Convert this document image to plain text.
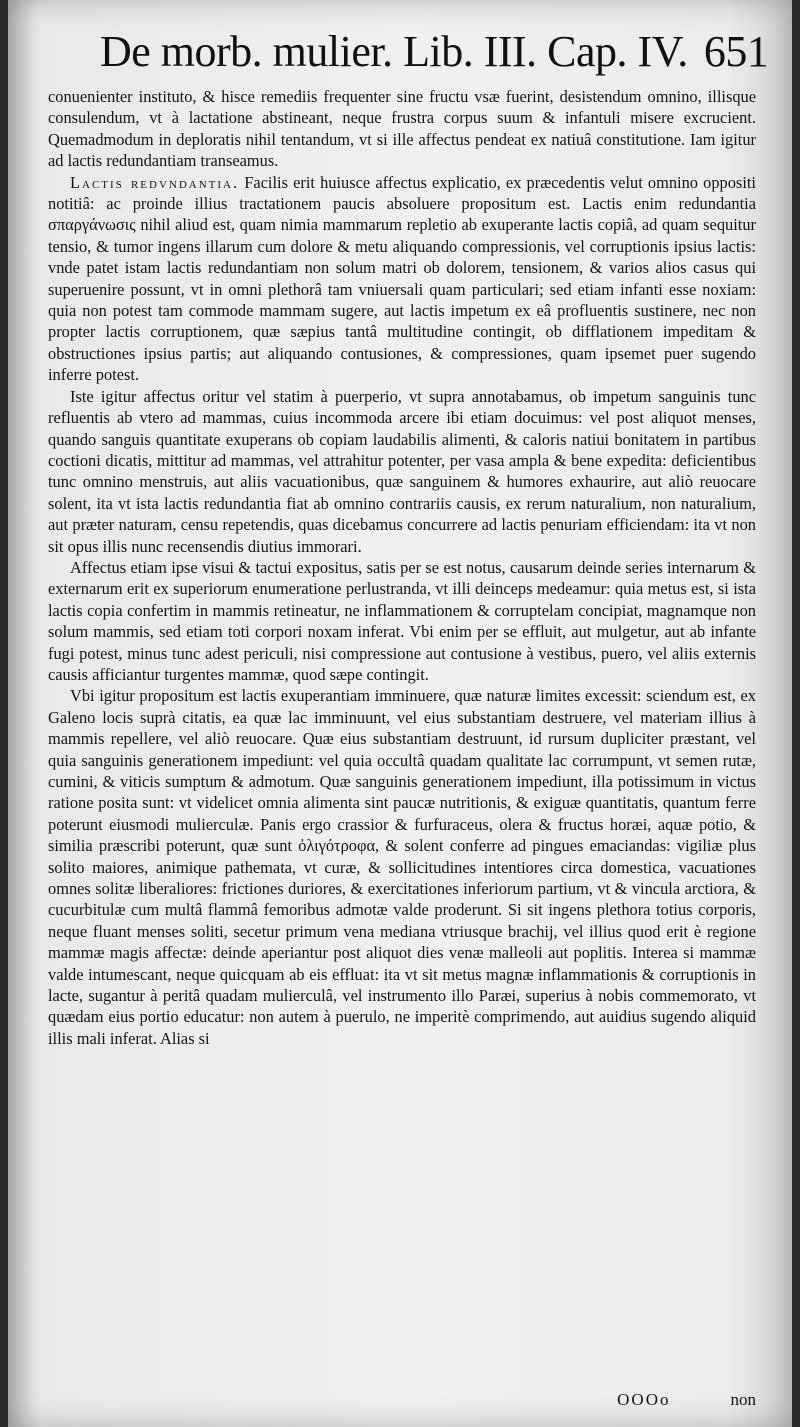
De morb. mulier. Lib. III. Cap. IV. 651

conuenienter instituto, & hisce remediis frequenter sine fructu vsæ fuerint, desistendum omnino, illisque consulendum, vt à lactatione abstineant, neque frustra corpus suum & infantuli misere excrucient. Quemadmodum in deploratis nihil tentandum, vt si ille affectus pendeat ex natiuâ constitutione. Iam igitur ad lactis redundantiam transeamus.

Lactis redvndantia. Facilis erit huiusce affectus explicatio, ex præcedentis velut omnino oppositi notitiâ: ac proinde illius tractationem paucis absoluere propositum est. Lactis enim redundantia σπαργάνωσις nihil aliud est, quam nimia mammarum repletio ab exuperante lactis copiâ, ad quam sequitur tensio, & tumor ingens illarum cum dolore & metu aliquando compressionis, vel corruptionis ipsius lactis: vnde patet istam lactis redundantiam non solum matri ob dolorem, tensionem, & varios alios casus qui superuenire possunt, vt in omni plethorâ tam vniuersali quam particulari; sed etiam infanti esse noxiam: quia non potest tam commode mammam sugere, aut lactis impetum ex eâ profluentis sustinere, nec non propter lactis corruptionem, quæ sæpius tantâ multitudine contingit, ob difflationem impeditam & obstructiones ipsius partis; aut aliquando contusiones, & compressiones, quam ipsemet puer sugendo inferre potest.

Iste igitur affectus oritur vel statim à puerperio, vt supra annotabamus, ob impetum sanguinis tunc refluentis ab vtero ad mammas, cuius incommoda arcere ibi etiam docuimus: vel post aliquot menses, quando sanguis quantitate exuperans ob copiam laudabilis alimenti, & caloris natiui bonitatem in partibus coctioni dicatis, mittitur ad mammas, vel attrahitur potenter, per vasa ampla & bene expedita: deficientibus tunc omnino menstruis, aut aliis vacuationibus, quæ sanguinem & humores exhaurire, aut aliò reuocare solent, ita vt ista lactis redundantia fiat ab omnino contrariis causis, ex rerum naturalium, non naturalium, aut præter naturam, censu repetendis, quas dicebamus concurrere ad lactis penuriam efficiendam: ita vt non sit opus illis nunc recensendis diutius immorari.

Affectus etiam ipse visui & tactui expositus, satis per se est notus, causarum deinde series internarum & externarum erit ex superiorum enumeratione perlustranda, vt illi deinceps medeamur: quia metus est, si ista lactis copia confertim in mammis retineatur, ne inflammationem & corruptelam concipiat, magnamque non solum mammis, sed etiam toti corpori noxam inferat. Vbi enim per se effluit, aut mulgetur, aut ab infante fugi potest, minus tunc adest periculi, nisi compressione aut contusione à vestibus, puero, vel aliis externis causis afficiantur turgentes mammæ, quod sæpe contingit.

Vbi igitur propositum est lactis exuperantiam imminuere, quæ naturæ limites excessit: sciendum est, ex Galeno locis suprà citatis, ea quæ lac imminuunt, vel eius substantiam destruere, vel materiam illius à mammis repellere, vel aliò reuocare. Quæ eius substantiam destruunt, id rursum dupliciter præstant, vel quia sanguinis generationem impediunt: vel quia occultâ quadam qualitate lac corrumpunt, vt semen rutæ, cumini, & viticis sumptum & admotum. Quæ sanguinis generationem impediunt, illa potissimum in victus ratione posita sunt: vt videlicet omnia alimenta sint paucæ nutritionis, & exiguæ quantitatis, quantum ferre poterunt eiusmodi mulierculæ. Panis ergo crassior & furfuraceus, olera & fructus horæi, aquæ potio, & similia præscribi poterunt, quæ sunt ὀλιγότροφα, & solent conferre ad pingues emaciandas: vigiliæ plus solito maiores, animique pathemata, vt curæ, & sollicitudines intentiores circa domestica, vacuationes omnes solitæ liberaliores: frictiones duriores, & exercitationes inferiorum partium, vt & vincula arctiora, & cucurbitulæ cum multâ flammâ femoribus admotæ valde proderunt. Si sit ingens plethora totius corporis, neque fluant menses soliti, secetur primum vena mediana vtriusque brachij, vel illius quod erit è regione mammæ magis affectæ: deinde aperiantur post aliquot dies venæ malleoli aut poplitis. Interea si mammæ valde intumescant, neque quicquam ab eis effluat: ita vt sit metus magnæ inflammationis & corruptionis in lacte, sugantur à peritâ quadam mulierculâ, vel instrumento illo Paræi, superius à nobis commemorato, vt quædam eius portio educatur: non autem à puerulo, ne imperitè comprimendo, aut auidius sugendo aliquid illis mali inferat. Alias si

OOOo	non
